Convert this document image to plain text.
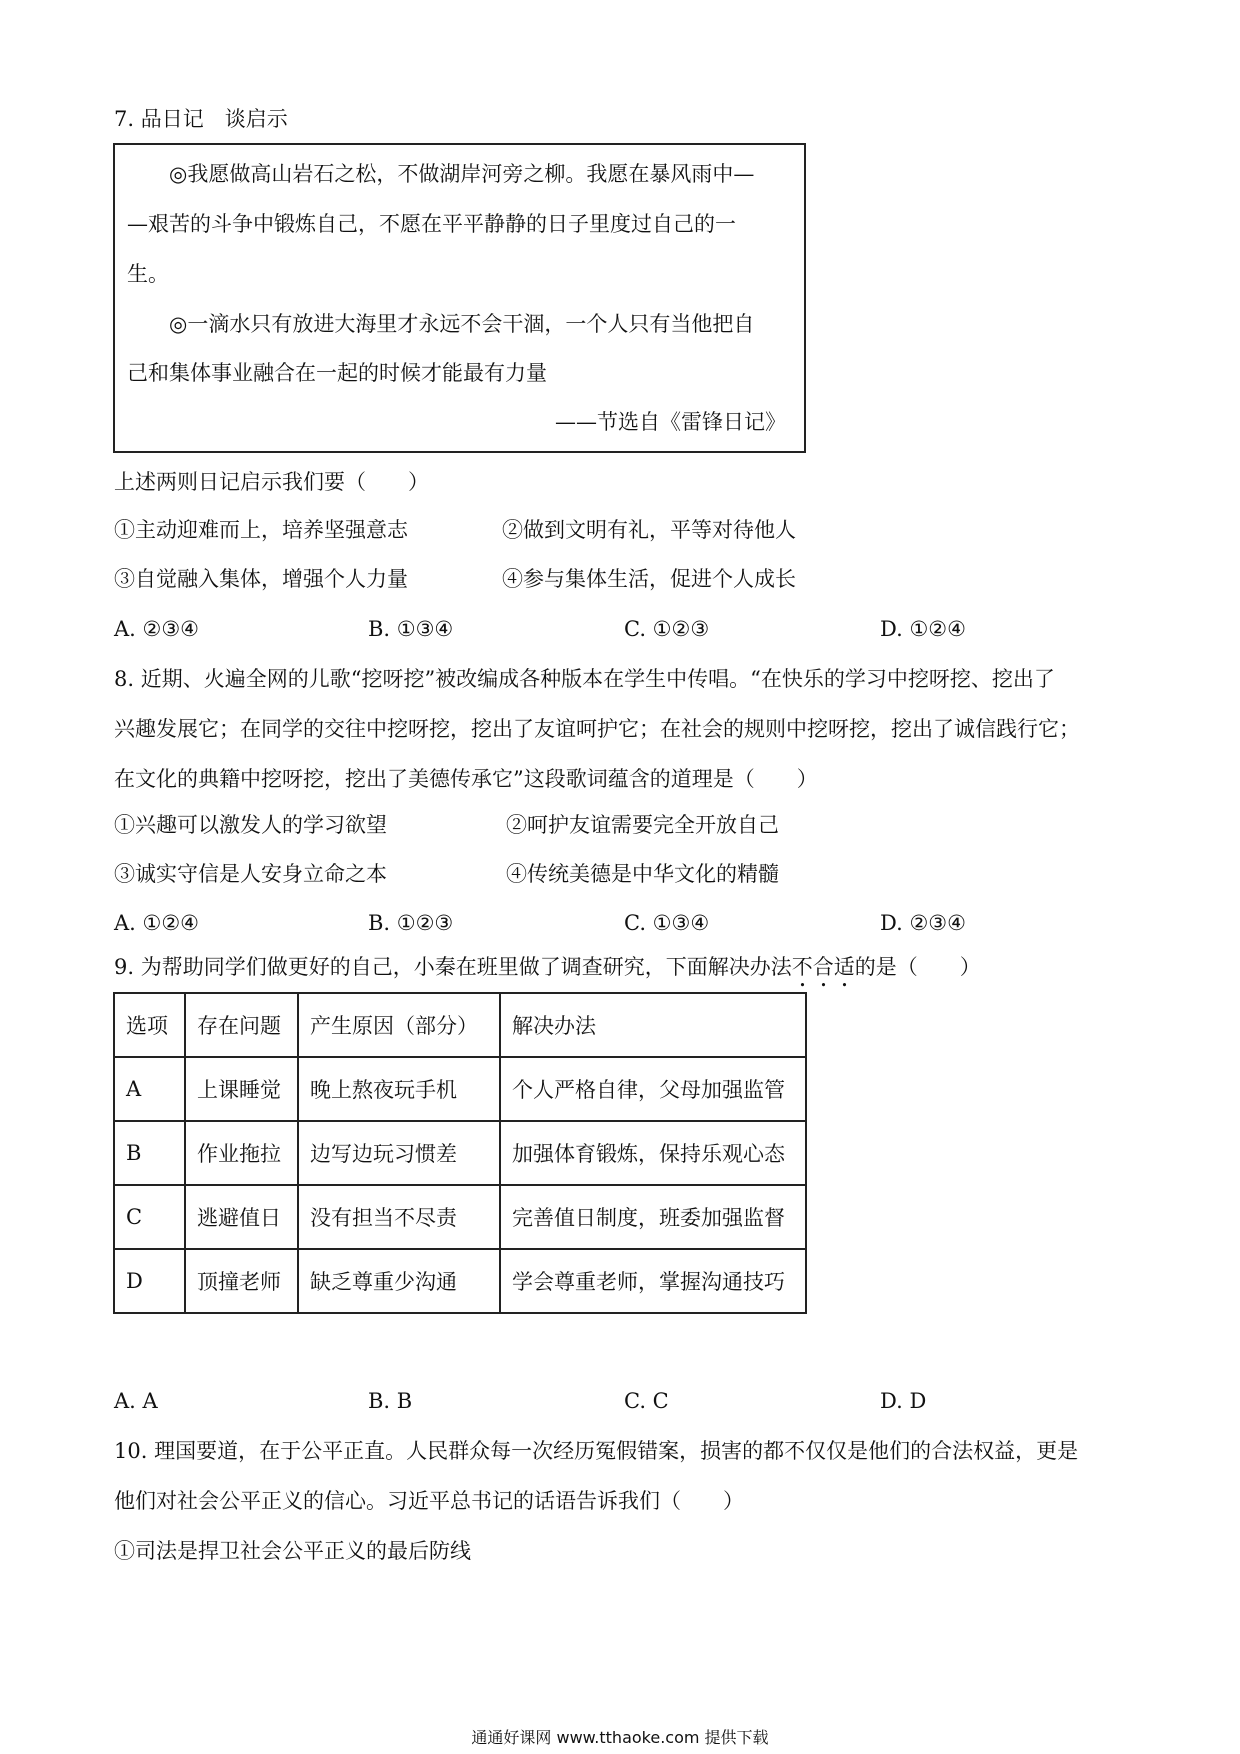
7. 品日记　谈启示
　　◎我愿做高山岩石之松，不做湖岸河旁之柳。我愿在暴风雨中—
—艰苦的斗争中锻炼自己，不愿在平平静静的日子里度过自己的一
生。
　　◎一滴水只有放进大海里才永远不会干涸，一个人只有当他把自
己和集体事业融合在一起的时候才能最有力量
——节选自《雷锋日记》
上述两则日记启示我们要（　　）
①主动迎难而上，培养坚强意志	②做到文明有礼，平等对待他人
③自觉融入集体，增强个人力量	④参与集体生活，促进个人成长
A. ②③④	B. ①③④	C. ①②③	D. ①②④
8. 近期、火遍全网的儿歌“挖呀挖”被改编成各种版本在学生中传唱。“在快乐的学习中挖呀挖、挖出了
兴趣发展它；在同学的交往中挖呀挖，挖出了友谊呵护它；在社会的规则中挖呀挖，挖出了诚信践行它；
在文化的典籍中挖呀挖，挖出了美德传承它”这段歌词蕴含的道理是（　　）
①兴趣可以激发人的学习欲望	②呵护友谊需要完全开放自己
③诚实守信是人安身立命之本	④传统美德是中华文化的精髓
A. ①②④	B. ①②③	C. ①③④	D. ②③④
9. 为帮助同学们做更好的自己，小秦在班里做了调查研究，下面解决办法不合适的是（　　）
选项	存在问题	产生原因（部分）	解决办法
A	上课睡觉	晚上熬夜玩手机	个人严格自律，父母加强监管
B	作业拖拉	边写边玩习惯差	加强体育锻炼，保持乐观心态
C	逃避值日	没有担当不尽责	完善值日制度，班委加强监督
D	顶撞老师	缺乏尊重少沟通	学会尊重老师，掌握沟通技巧
A. A	B. B	C. C	D. D
10. 理国要道，在于公平正直。人民群众每一次经历冤假错案，损害的都不仅仅是他们的合法权益，更是
他们对社会公平正义的信心。习近平总书记的话语告诉我们（　　）
①司法是捍卫社会公平正义的最后防线
通通好课网 www.tthaoke.com 提供下载
